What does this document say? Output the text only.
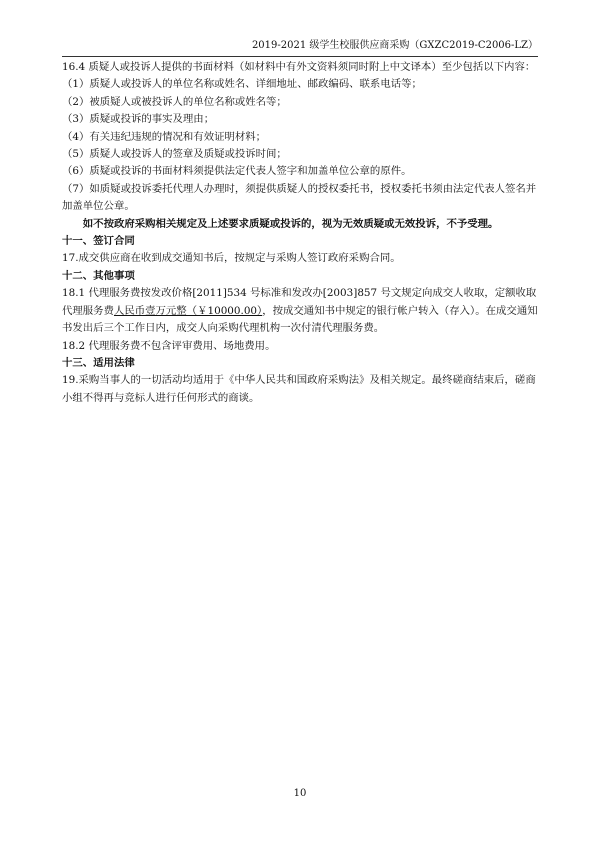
2019-2021 级学生校服供应商采购（GXZC2019-C2006-LZ）

16.4 质疑人或投诉人提供的书面材料（如材料中有外文资料须同时附上中文译本）至少包括以下内容：

（1）质疑人或投诉人的单位名称或姓名、详细地址、邮政编码、联系电话等；

（2）被质疑人或被投诉人的单位名称或姓名等；

（3）质疑或投诉的事实及理由；

（4）有关违纪违规的情况和有效证明材料；

（5）质疑人或投诉人的签章及质疑或投诉时间；

（6）质疑或投诉的书面材料须提供法定代表人签字和加盖单位公章的原件。

（7）如质疑或投诉委托代理人办理时，须提供质疑人的授权委托书，授权委托书须由法定代表人签名并加盖单位公章。

如不按政府采购相关规定及上述要求质疑或投诉的，视为无效质疑或无效投诉，不予受理。

十一、签订合同

17.成交供应商在收到成交通知书后，按规定与采购人签订政府采购合同。

十二、其他事项

18.1 代理服务费按发改价格[2011]534 号标准和发改办[2003]857 号文规定向成交人收取，定额收取代理服务费人民币壹万元整（￥10000.00），按成交通知书中规定的银行帐户转入（存入）。在成交通知书发出后三个工作日内，成交人向采购代理机构一次付清代理服务费。

18.2 代理服务费不包含评审费用、场地费用。

十三、适用法律

19.采购当事人的一切活动均适用于《中华人民共和国政府采购法》及相关规定。最终磋商结束后，磋商小组不得再与竞标人进行任何形式的商谈。

10
